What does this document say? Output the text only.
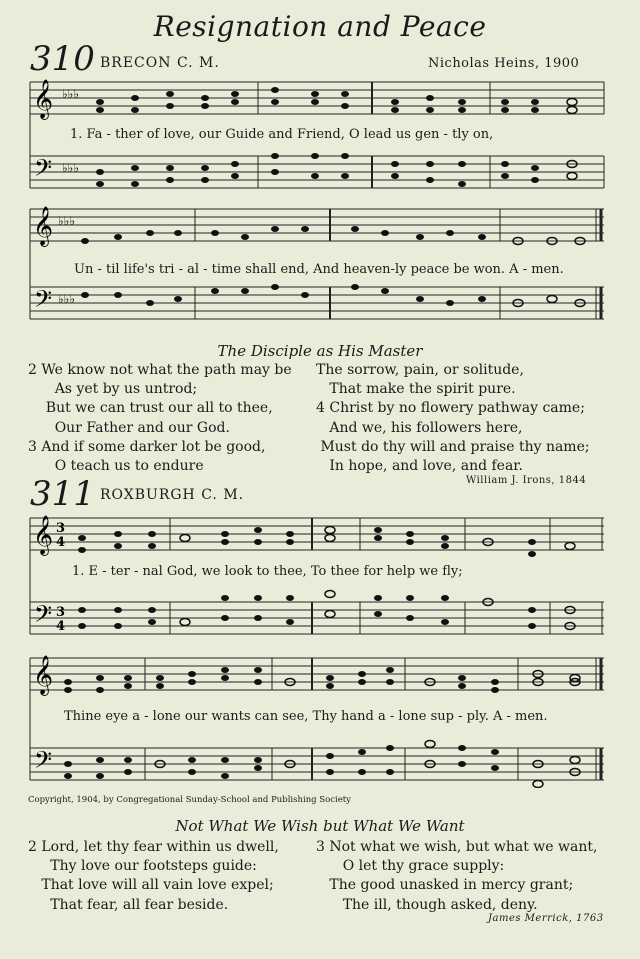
Resignation and Peace
310 BRECON C. M.	Nicholas Heins, 1900
𝄞
𝄢
♭♭♭
♭♭♭
1. Fa - ther of love, our Guide and Friend, O lead us gen - tly on,
𝄞
𝄢
♭♭♭
♭♭♭
Un - til life's tri - al - time shall end, And heaven-ly peace be won. A - men.
The Disciple as His Master
2 We know not what the path may be
As yet by us untrod;
But we can trust our all to thee,
Our Father and our God.
3 And if some darker lot be good,
O teach us to endure
The sorrow, pain, or solitude,
That make the spirit pure.
4 Christ by no flowery pathway came;
And we, his followers here,
Must do thy will and praise thy name;
In hope, and love, and fear.
William J. Irons, 1844
311 ROXBURGH C. M.
𝄞
𝄢
3
4
3
4
1. E - ter - nal God, we look to thee, To thee for help we fly;
𝄞
𝄢
Thine eye a - lone our wants can see, Thy hand a - lone sup - ply. A - men.
Copyright, 1904, by Congregational Sunday-School and Publishing Society
Not What We Wish but What We Want
2 Lord, let thy fear within us dwell,
Thy love our footsteps guide:
That love will all vain love expel;
That fear, all fear beside.
3 Not what we wish, but what we want,
O let thy grace supply:
The good unasked in mercy grant;
The ill, though asked, deny.
James Merrick, 1763
